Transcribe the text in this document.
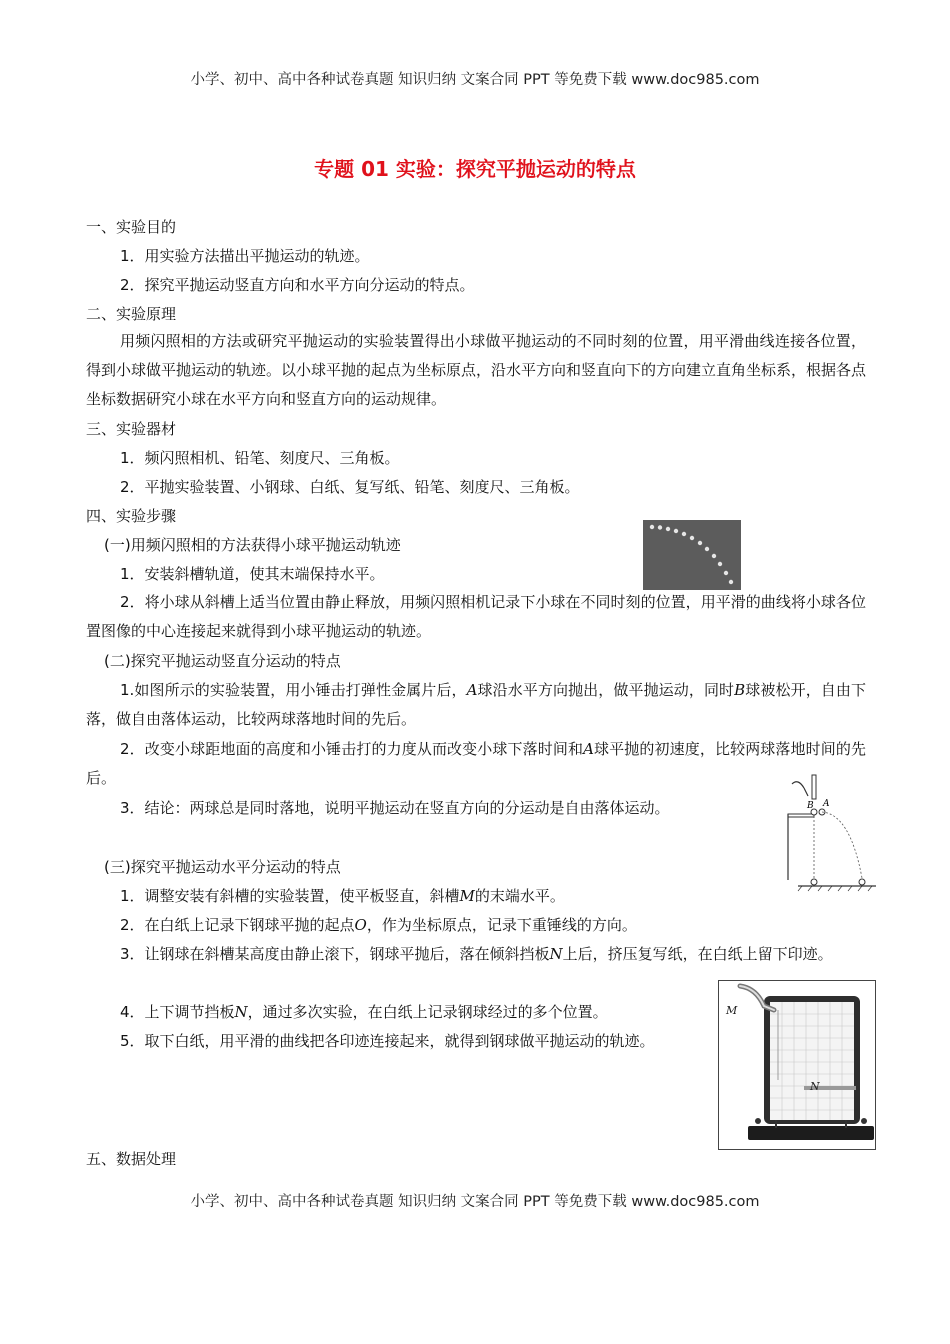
小学、初中、高中各种试卷真题 知识归纳 文案合同 PPT 等免费下载 www.doc985.com
专题 01 实验：探究平抛运动的特点
一、实验目的
1．用实验方法描出平抛运动的轨迹。
2．探究平抛运动竖直方向和水平方向分运动的特点。
二、实验原理
用频闪照相的方法或研究平抛运动的实验装置得出小球做平抛运动的不同时刻的位置，用平滑曲线连接各位置，得到小球做平抛运动的轨迹。以小球平抛的起点为坐标原点，沿水平方向和竖直向下的方向建立直角坐标系，根据各点坐标数据研究小球在水平方向和竖直方向的运动规律。
三、实验器材
1．频闪照相机、铅笔、刻度尺、三角板。
2．平抛实验装置、小钢球、白纸、复写纸、铅笔、刻度尺、三角板。
四、实验步骤
(一)用频闪照相的方法获得小球平抛运动轨迹
1．安装斜槽轨道，使其末端保持水平。
2．将小球从斜槽上适当位置由静止释放，用频闪照相机记录下小球在不同时刻的位置，用平滑的曲线将小球各位置图像的中心连接起来就得到小球平抛运动的轨迹。
(二)探究平抛运动竖直分运动的特点
1.如图所示的实验装置，用小锤击打弹性金属片后，A球沿水平方向抛出，做平抛运动，同时B球被松开，自由下落，做自由落体运动，比较两球落地时间的先后。
2．改变小球距地面的高度和小锤击打的力度从而改变小球下落时间和A球平抛的初速度，比较两球落地时间的先后。
3．结论：两球总是同时落地，说明平抛运动在竖直方向的分运动是自由落体运动。	B A
(三)探究平抛运动水平分运动的特点
1．调整安装有斜槽的实验装置，使平板竖直，斜槽M的末端水平。
2．在白纸上记录下钢球平抛的起点O，作为坐标原点，记录下重锤线的方向。
3．让钢球在斜槽某高度由静止滚下，钢球平抛后，落在倾斜挡板N上后，挤压复写纸，在白纸上留下印迹。
4．上下调节挡板N，通过多次实验，在白纸上记录钢球经过的多个位置。
5．取下白纸，用平滑的曲线把各印迹连接起来，就得到钢球做平抛运动的轨迹。
M
N
五、数据处理
小学、初中、高中各种试卷真题 知识归纳 文案合同 PPT 等免费下载 www.doc985.com
